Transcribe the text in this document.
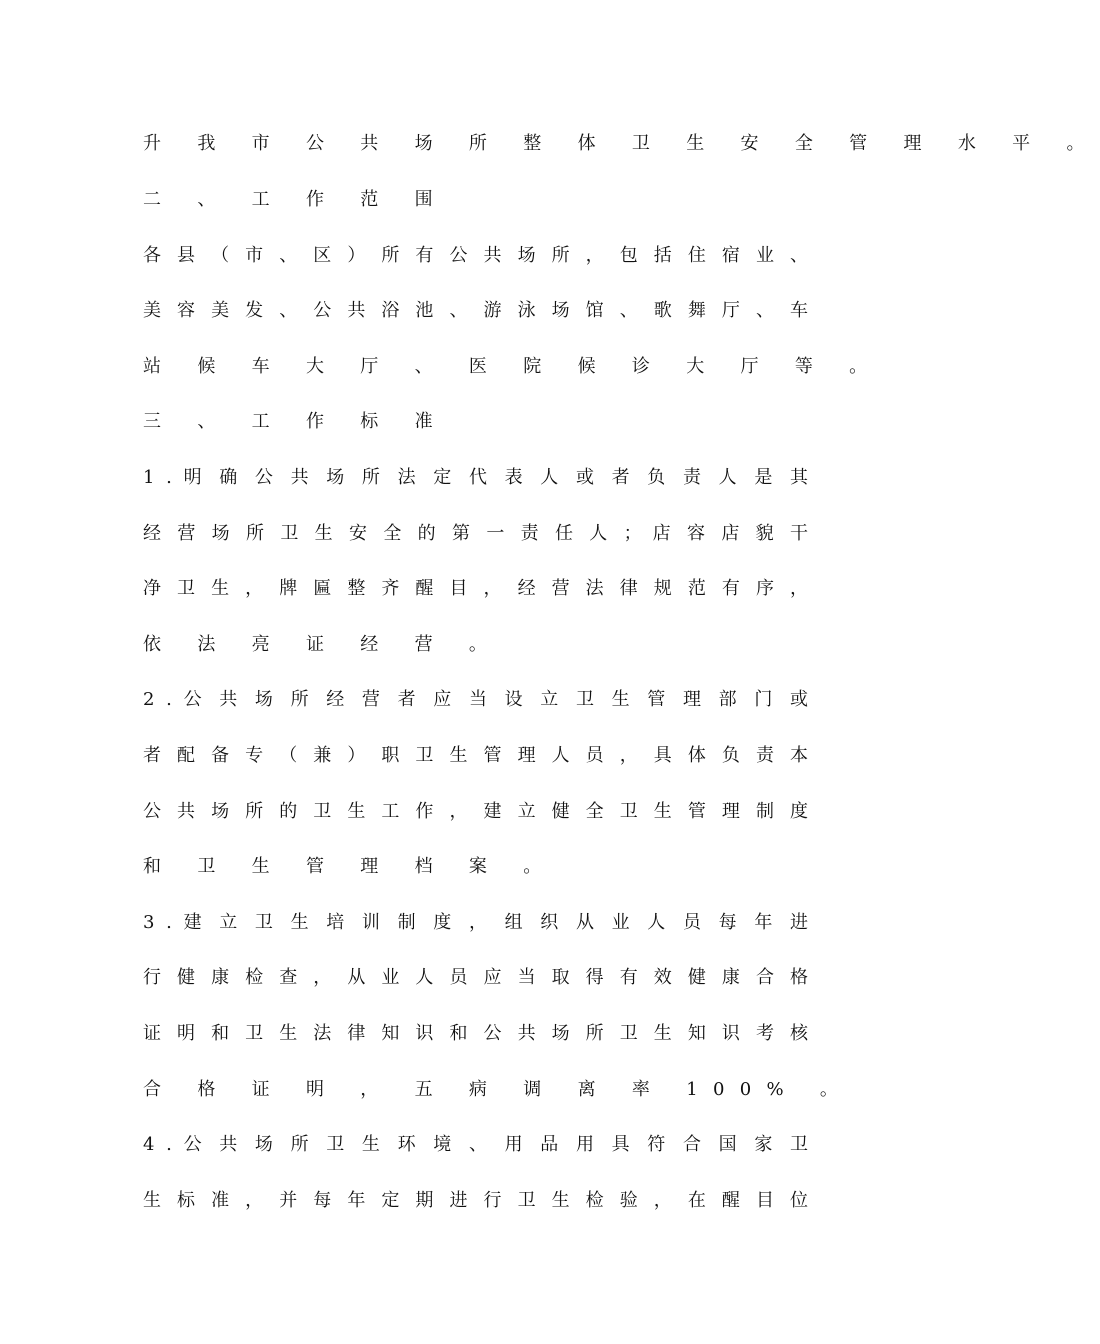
升 我 市 公 共 场 所 整 体 卫 生 安 全 管 理 水 平 。
二 、 工 作 范 围
各 县 （ 市 、 区 ） 所 有 公 共 场 所 ， 包 括 住 宿 业 、
美 容 美 发 、 公 共 浴 池 、 游 泳 场 馆 、 歌 舞 厅 、 车
站 候 车 大 厅 、 医 院 候 诊 大 厅 等 。
三 、 工 作 标 准
1 . 明 确 公 共 场 所 法 定 代 表 人 或 者 负 责 人 是 其
经 营 场 所 卫 生 安 全 的 第 一 责 任 人 ； 店 容 店 貌 干
净 卫 生 ， 牌 匾 整 齐 醒 目 ， 经 营 法 律 规 范 有 序 ，
依 法 亮 证 经 营 。
2 . 公 共 场 所 经 营 者 应 当 设 立 卫 生 管 理 部 门 或
者 配 备 专 （ 兼 ） 职 卫 生 管 理 人 员 ， 具 体 负 责 本
公 共 场 所 的 卫 生 工 作 ， 建 立 健 全 卫 生 管 理 制 度
和 卫 生 管 理 档 案 。
3 . 建 立 卫 生 培 训 制 度 ， 组 织 从 业 人 员 每 年 进
行 健 康 检 查 ， 从 业 人 员 应 当 取 得 有 效 健 康 合 格
证 明 和 卫 生 法 律 知 识 和 公 共 场 所 卫 生 知 识 考 核
合 格 证 明 ， 五 病 调 离 率 100% 。
4 . 公 共 场 所 卫 生 环 境 、 用 品 用 具 符 合 国 家 卫
生 标 准 ， 并 每 年 定 期 进 行 卫 生 检 验 ， 在 醒 目 位
